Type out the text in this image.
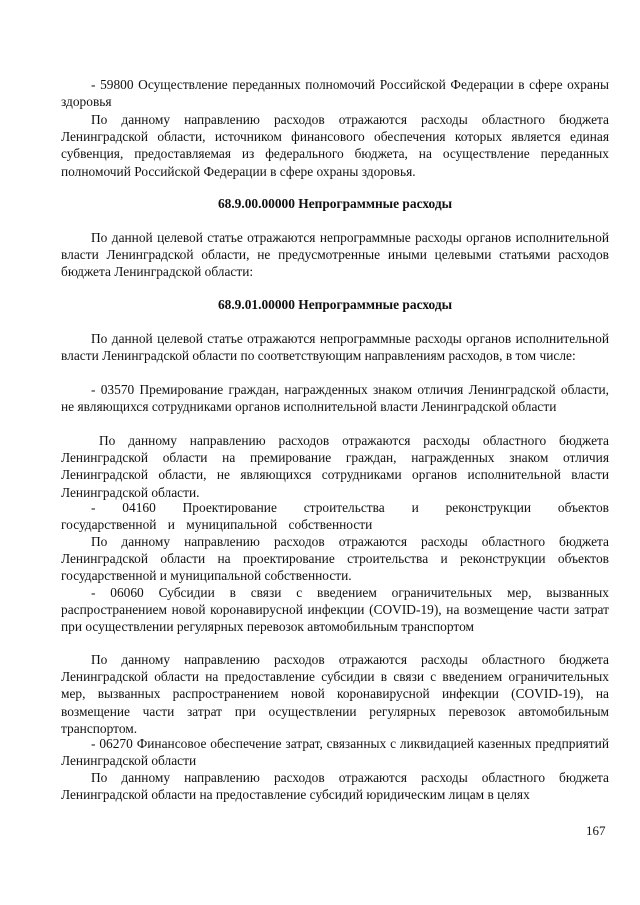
- 59800 Осуществление переданных полномочий Российской Федерации в сфере охраны здоровья

По данному направлению расходов отражаются расходы областного бюджета Ленинградской области, источником финансового обеспечения которых является единая субвенция, предоставляемая из федерального бюджета, на осуществление переданных полномочий Российской Федерации в сфере охраны здоровья.

68.9.00.00000 Непрограммные расходы

По данной целевой статье отражаются непрограммные расходы органов исполнительной власти Ленинградской области, не предусмотренные иными целевыми статьями расходов бюджета Ленинградской области:

68.9.01.00000 Непрограммные расходы

По данной целевой статье отражаются непрограммные расходы органов исполнительной власти Ленинградской области по соответствующим направлениям расходов, в том числе:

- 03570 Премирование граждан, награжденных знаком отличия Ленинградской области, не являющихся сотрудниками органов исполнительной власти Ленинградской области

По данному направлению расходов отражаются расходы областного бюджета Ленинградской области на премирование граждан, награжденных знаком отличия Ленинградской области, не являющихся сотрудниками органов исполнительной власти Ленинградской области.

- 04160 Проектирование строительства и реконструкции объектов государственной и муниципальной собственности

По данному направлению расходов отражаются расходы областного бюджета Ленинградской области на проектирование строительства и реконструкции объектов государственной и муниципальной собственности.

- 06060 Субсидии в связи с введением ограничительных мер, вызванных распространением новой коронавирусной инфекции (COVID-19), на возмещение части затрат при осуществлении регулярных перевозок автомобильным транспортом

По данному направлению расходов отражаются расходы областного бюджета Ленинградской области на предоставление субсидии в связи с введением ограничительных мер, вызванных распространением новой коронавирусной инфекции (COVID-19), на возмещение части затрат при осуществлении регулярных перевозок автомобильным транспортом.

- 06270 Финансовое обеспечение затрат, связанных с ликвидацией казенных предприятий Ленинградской области

По данному направлению расходов отражаются расходы областного бюджета Ленинградской области на предоставление субсидий юридическим лицам в целях

167
